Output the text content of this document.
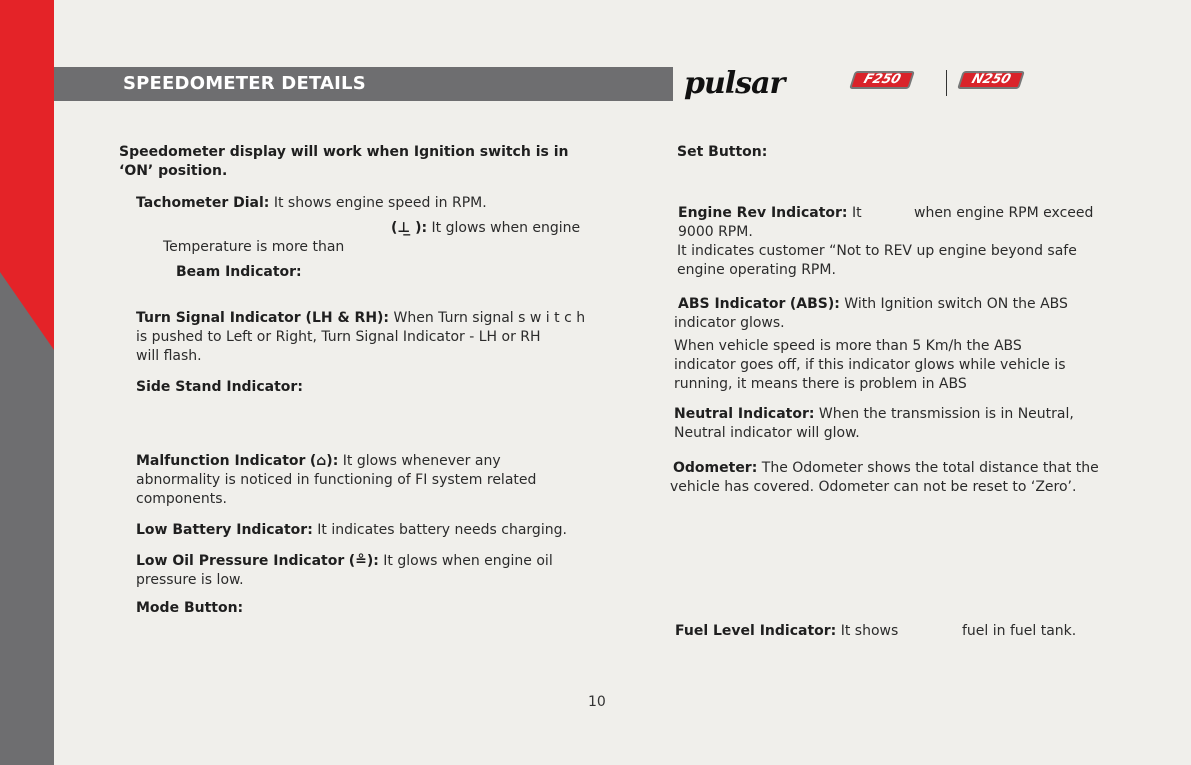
SPEEDOMETER DETAILS	pulsar	F250	N250
Speedometer display will work when Ignition switch is in
‘ON’ position.
Tachometer Dial: It shows engine speed in RPM.
(⊥̲ ): It glows when engine
Temperature is more than
Beam Indicator:
Turn Signal Indicator (LH & RH): When Turn signal s w i t c h
is pushed to Left or Right, Turn Signal Indicator - LH or RH
will flash.
Side Stand Indicator:
Malfunction Indicator (⌂): It glows whenever any
abnormality is noticed in functioning of FI system related
components.
Low Battery Indicator: It indicates battery needs charging.
Low Oil Pressure Indicator (≗): It glows when engine oil
pressure is low.
Mode Button:
Set Button:
Engine Rev Indicator: It	when engine RPM exceed
9000 RPM.
It indicates customer “Not to REV up engine beyond safe
engine operating RPM.
ABS Indicator (ABS): With Ignition switch ON the ABS
indicator glows.
When vehicle speed is more than 5 Km/h the ABS
indicator goes off, if this indicator glows while vehicle is
running, it means there is problem in ABS
Neutral Indicator: When the transmission is in Neutral,
Neutral indicator will glow.
Odometer: The Odometer shows the total distance that the
vehicle has covered. Odometer can not be reset to ‘Zero’.
Fuel Level Indicator: It shows	fuel in fuel tank.
10
